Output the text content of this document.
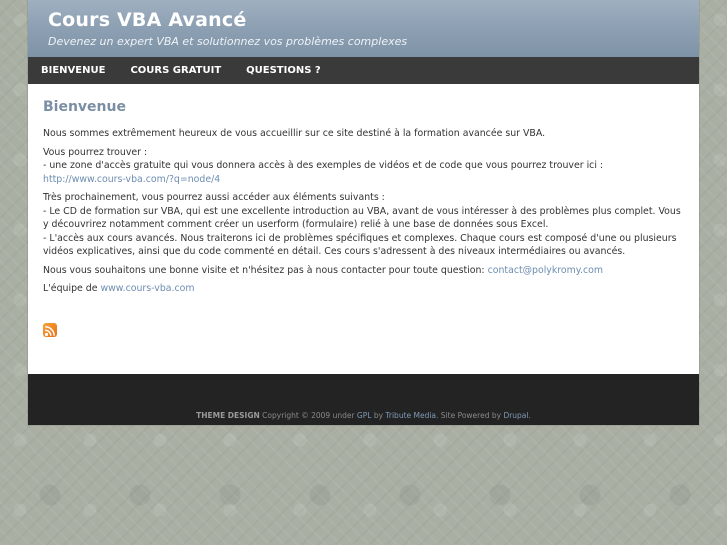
Cours VBA Avancé
Devenez un expert VBA et solutionnez vos problèmes complexes
BIENVENUE	COURS GRATUIT	QUESTIONS ?
Bienvenue

Nous sommes extrêmement heureux de vous accueillir sur ce site destiné à la formation avancée sur VBA.

Vous pourrez trouver :
- une zone d'accès gratuite qui vous donnera accès à des exemples de vidéos et de code que vous pourrez trouver ici : http://www.cours-vba.com/?q=node/4

Très prochainement, vous pourrez aussi accéder aux éléments suivants :
- Le CD de formation sur VBA, qui est une excellente introduction au VBA, avant de vous intéresser à des problèmes plus complet. Vous y découvrirez notamment comment créer un userform (formulaire) relié à une base de données sous Excel.
- L'accès aux cours avancés. Nous traiterons ici de problèmes spécifiques et complexes. Chaque cours est composé d'une ou plusieurs vidéos explicatives, ainsi que du code commenté en détail. Ces cours s'adressent à des niveaux intermédiaires ou avancés.

Nous vous souhaitons une bonne visite et n'hésitez pas à nous contacter pour toute question: contact@polykromy.com

L'équipe de www.cours-vba.com

THEME DESIGN Copyright © 2009 under GPL by Tribute Media. Site Powered by Drupal.
